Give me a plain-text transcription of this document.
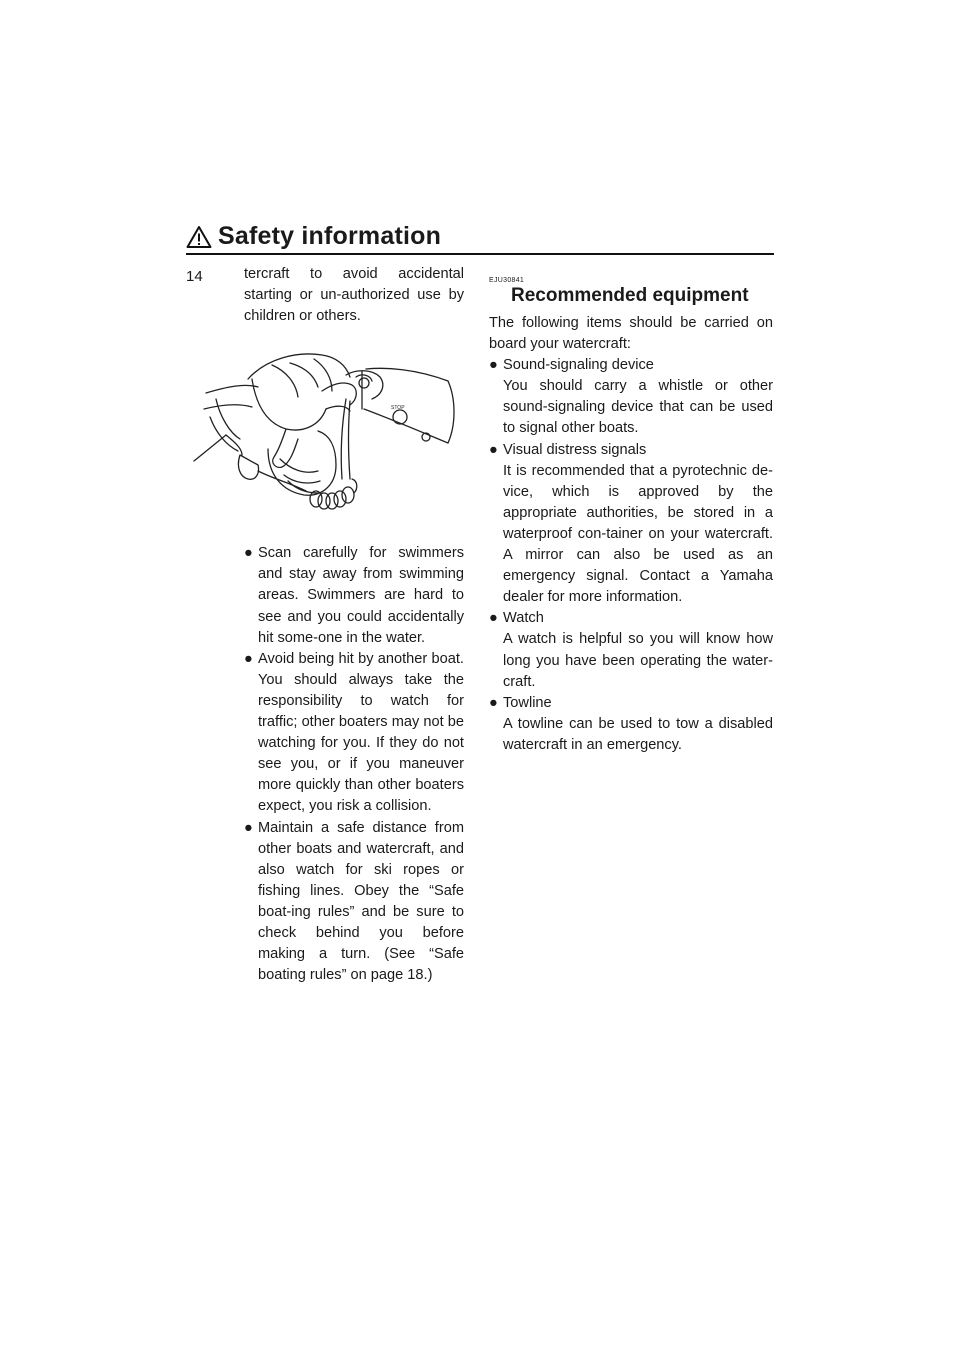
Safety information
14	tercraft to avoid accidental starting or un-authorized use by children or others.

STOP
● Scan carefully for swimmers and stay away from swimming areas. Swimmers are hard to see and you could accidentally hit some-one in the water.
● Avoid being hit by another boat. You should always take the responsibility to watch for traffic; other boaters may not be watching for you. If they do not see you, or if you maneuver more quickly than other boaters expect, you risk a collision.
● Maintain a safe distance from other boats and watercraft, and also watch for ski ropes or fishing lines. Obey the “Safe boat-ing rules” and be sure to check behind you before making a turn. (See “Safe boating rules” on page 18.)
EJU30841
Recommended equipment

The following items should be carried on board your watercraft:

● Sound-signaling device
You should carry a whistle or other sound-signaling device that can be used to signal other boats.
● Visual distress signals
It is recommended that a pyrotechnic de-vice, which is approved by the appropriate authorities, be stored in a waterproof con-tainer on your watercraft. A mirror can also be used as an emergency signal. Contact a Yamaha dealer for more information.
● Watch
A watch is helpful so you will know how long you have been operating the water-craft.
● Towline
A towline can be used to tow a disabled watercraft in an emergency.
